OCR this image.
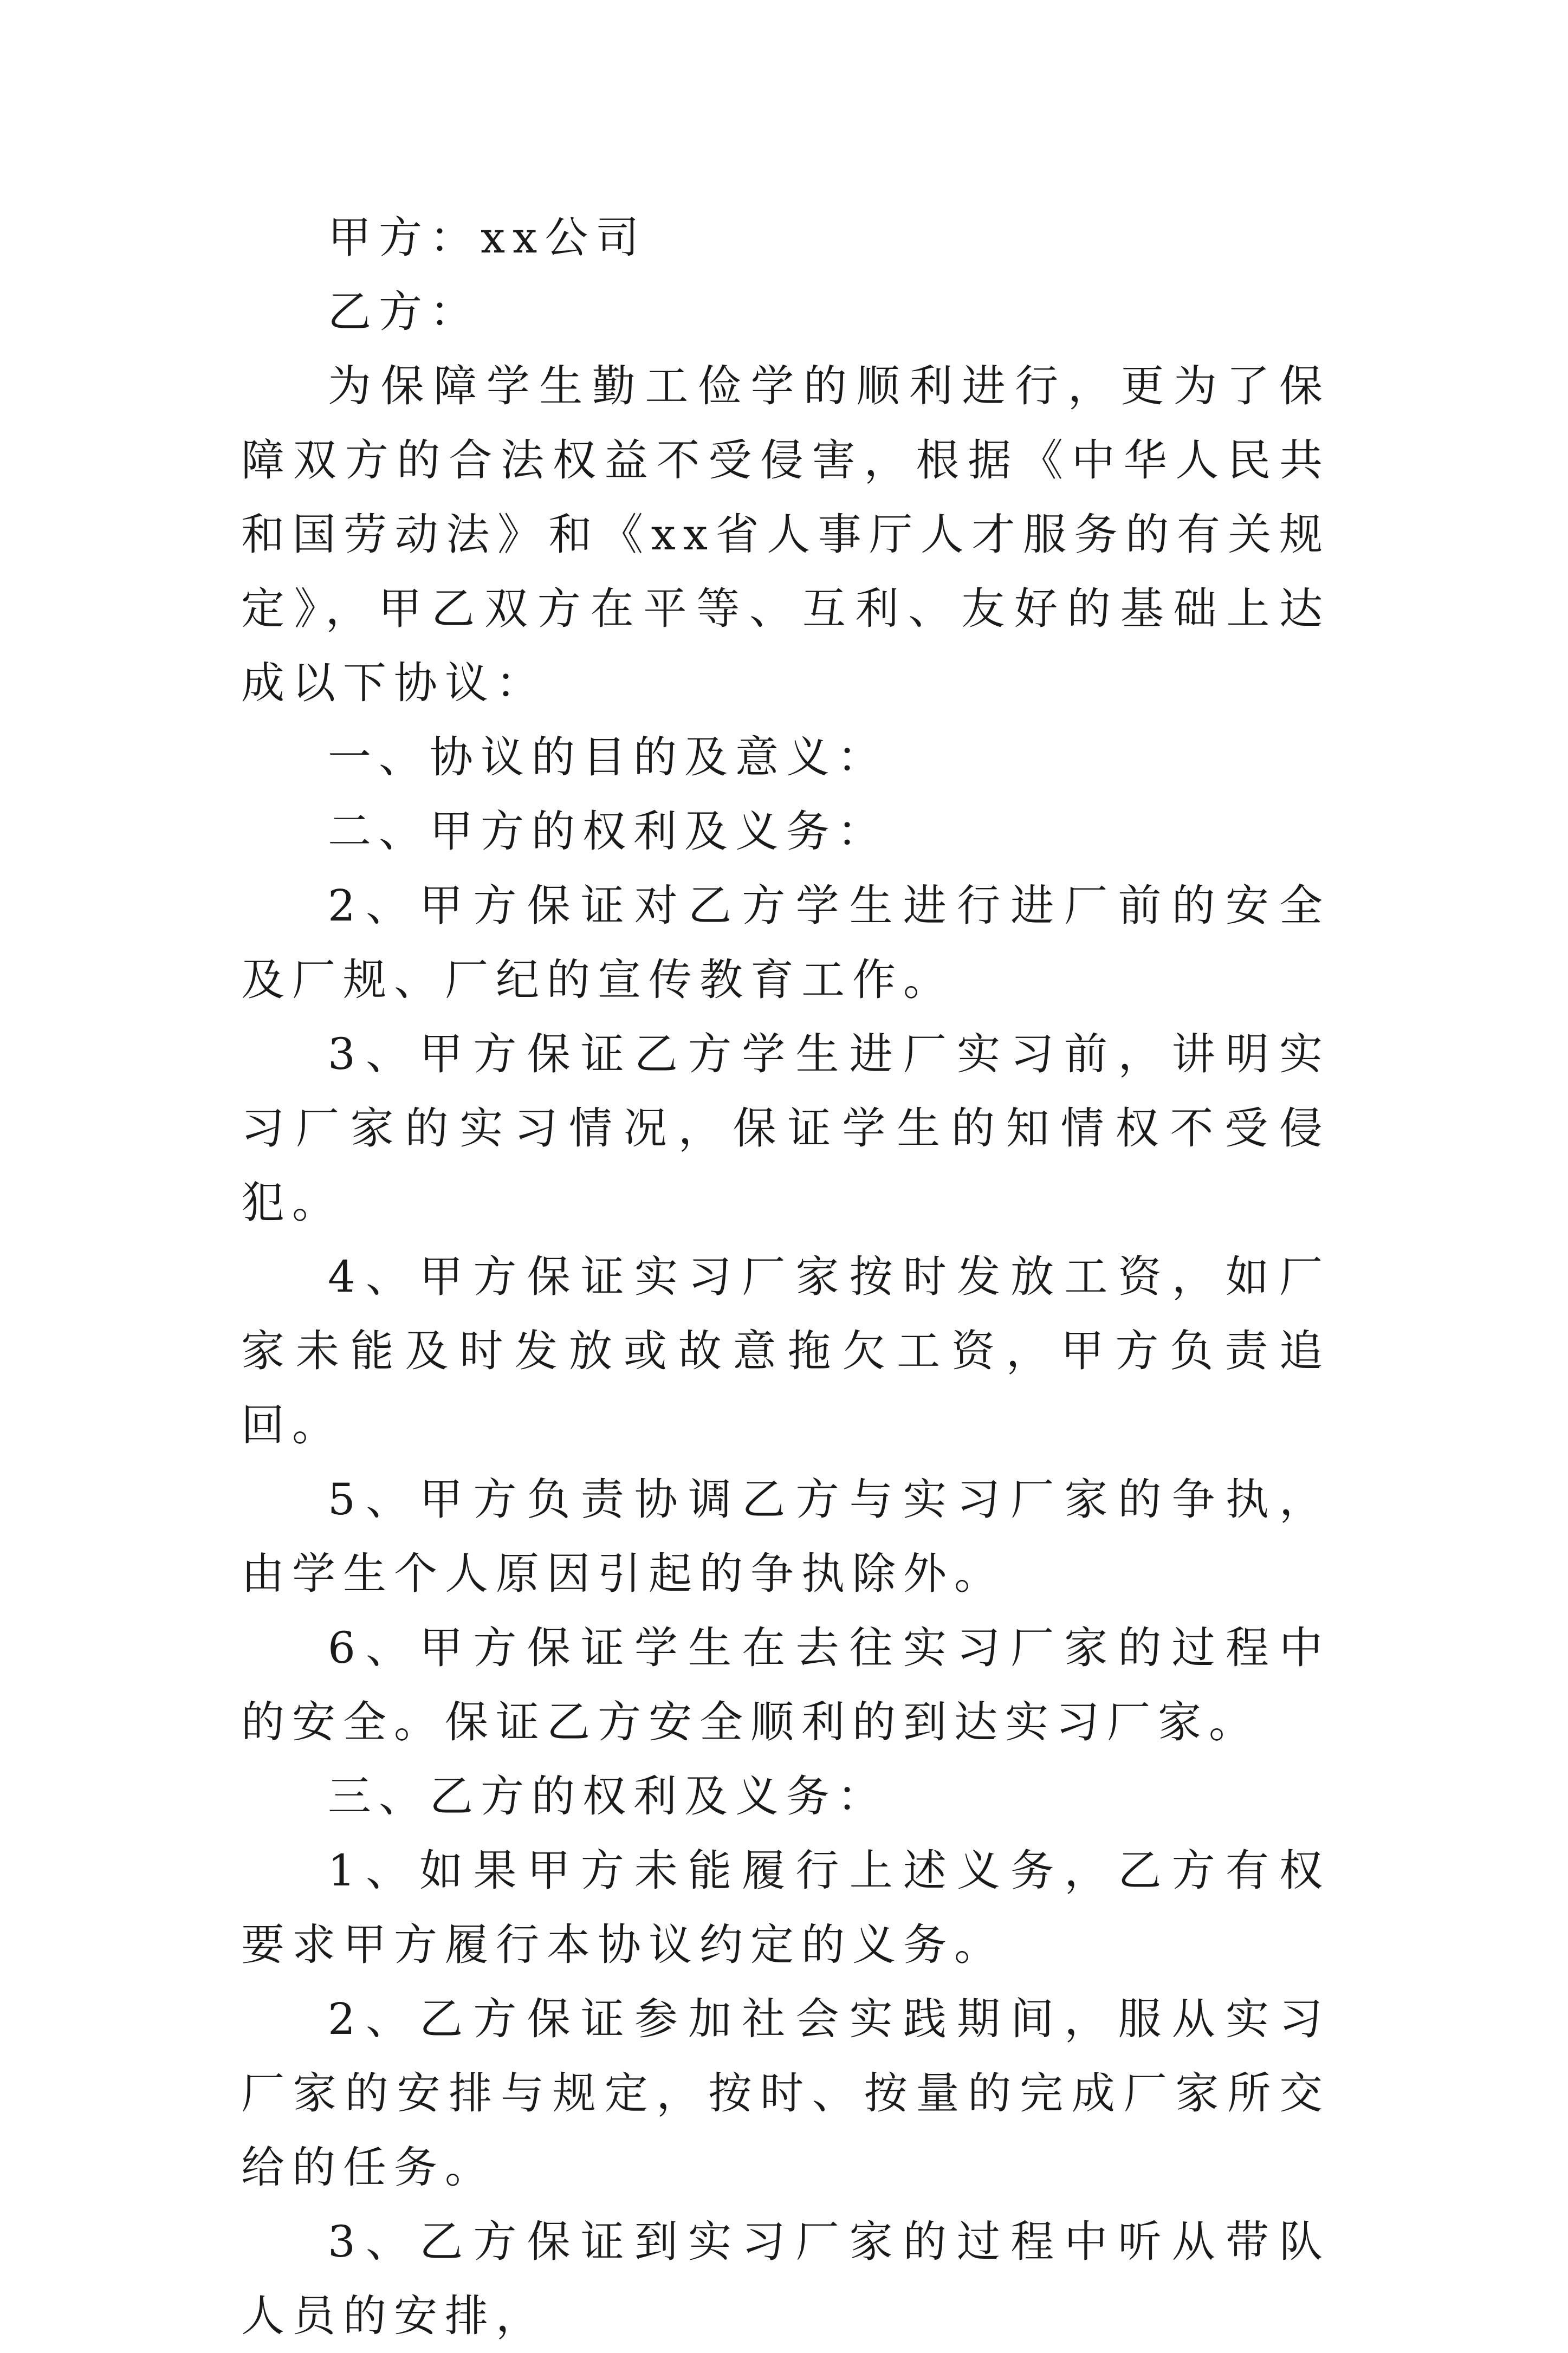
甲方：xx公司

乙方：

为保障学生勤工俭学的顺利进行，更为了保障双方的合法权益不受侵害，根据《中华人民共和国劳动法》和《xx省人事厅人才服务的有关规定》，甲乙双方在平等、互利、友好的基础上达成以下协议：

一、协议的目的及意义：

二、甲方的权利及义务：

2、甲方保证对乙方学生进行进厂前的安全及厂规、厂纪的宣传教育工作。

3、甲方保证乙方学生进厂实习前，讲明实习厂家的实习情况，保证学生的知情权不受侵犯。

4、甲方保证实习厂家按时发放工资，如厂家未能及时发放或故意拖欠工资，甲方负责追回。

5、甲方负责协调乙方与实习厂家的争执，由学生个人原因引起的争执除外。

6、甲方保证学生在去往实习厂家的过程中的安全。保证乙方安全顺利的到达实习厂家。

三、乙方的权利及义务：

1、如果甲方未能履行上述义务，乙方有权要求甲方履行本协议约定的义务。

2、乙方保证参加社会实践期间，服从实习厂家的安排与规定，按时、按量的完成厂家所交给的任务。

3、乙方保证到实习厂家的过程中听从带队人员的安排，
